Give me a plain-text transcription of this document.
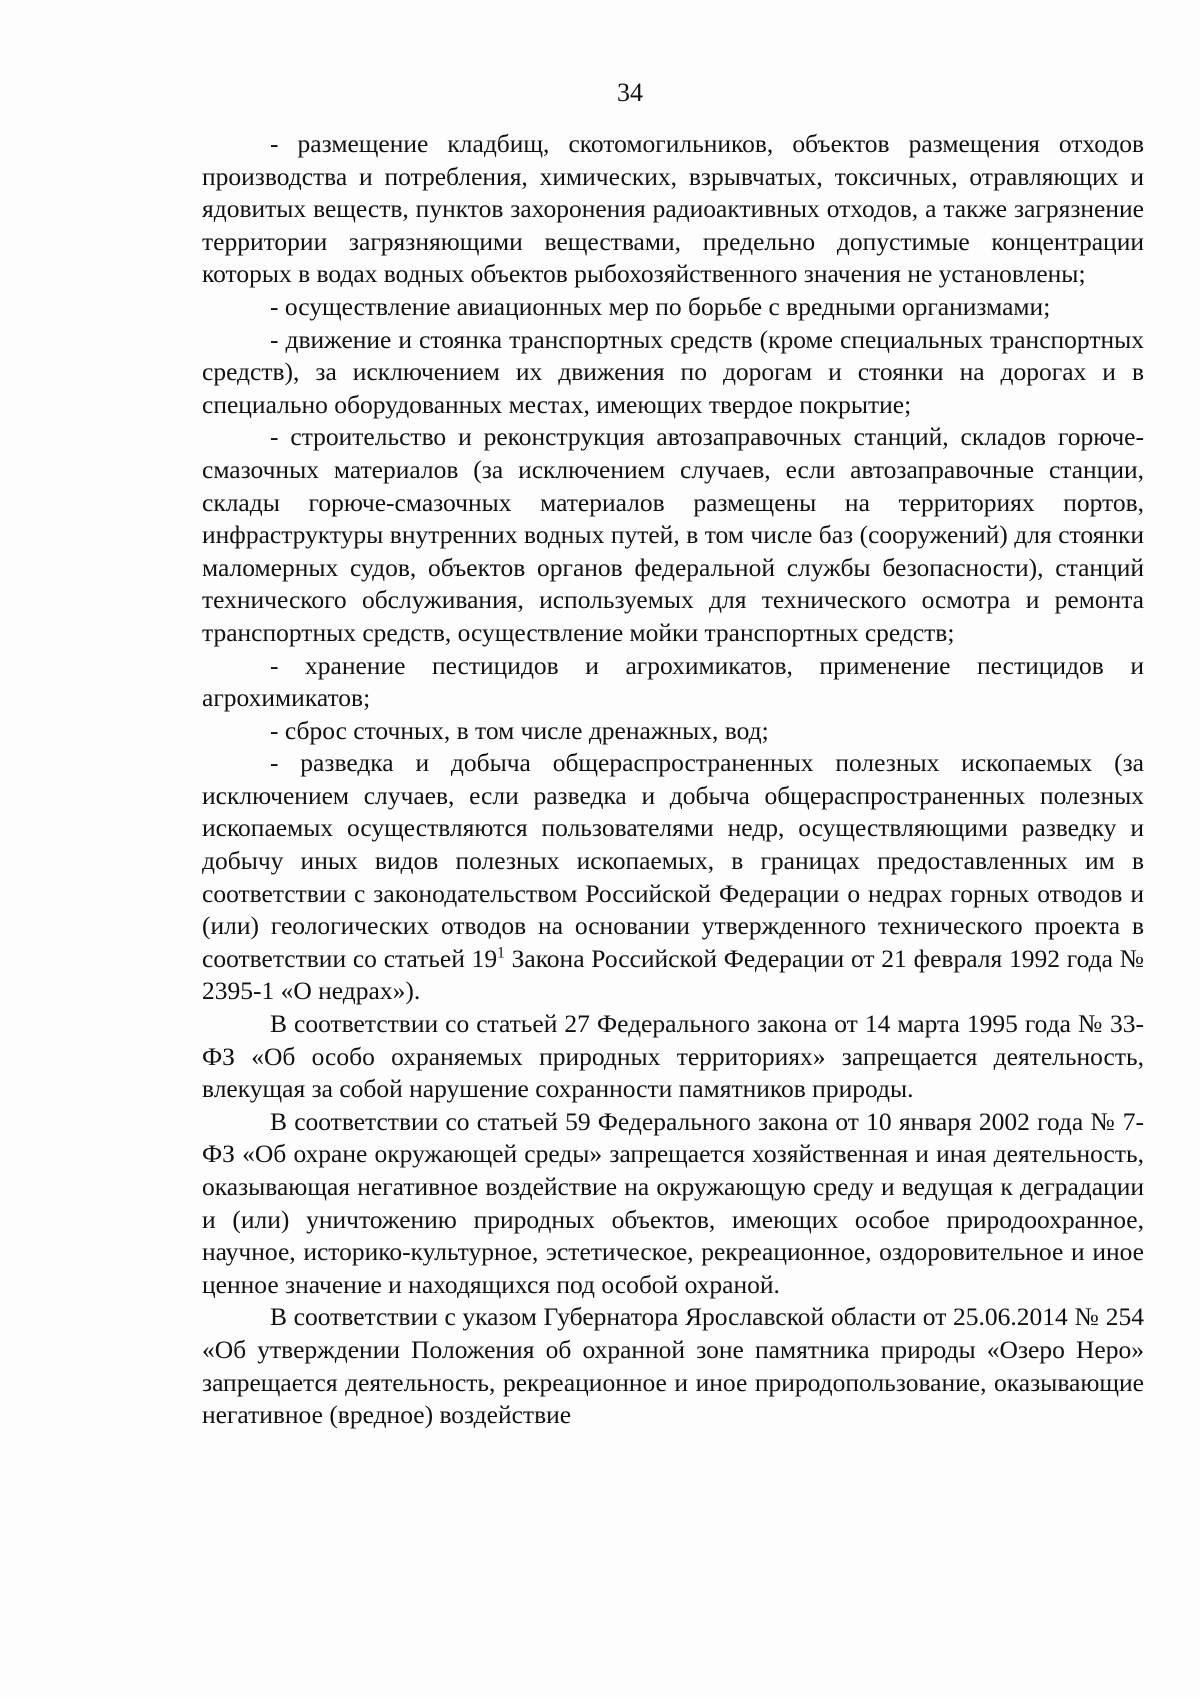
34

- размещение кладбищ, скотомогильников, объектов размещения отходов производства и потребления, химических, взрывчатых, токсичных, отравляющих и ядовитых веществ, пунктов захоронения радиоактивных отходов, а также загрязнение территории загрязняющими веществами, предельно допустимые концентрации которых в водах водных объектов рыбохозяйственного значения не установлены;

- осуществление авиационных мер по борьбе с вредными организмами;

- движение и стоянка транспортных средств (кроме специальных транспортных средств), за исключением их движения по дорогам и стоянки на дорогах и в специально оборудованных местах, имеющих твердое покрытие;

- строительство и реконструкция автозаправочных станций, складов горюче-смазочных материалов (за исключением случаев, если автозаправочные станции, склады горюче-смазочных материалов размещены на территориях портов, инфраструктуры внутренних водных путей, в том числе баз (сооружений) для стоянки маломерных судов, объектов органов федеральной службы безопасности), станций технического обслуживания, используемых для технического осмотра и ремонта транспортных средств, осуществление мойки транспортных средств;

- хранение пестицидов и агрохимикатов, применение пестицидов и агрохимикатов;

- сброс сточных, в том числе дренажных, вод;

- разведка и добыча общераспространенных полезных ископаемых (за исключением случаев, если разведка и добыча общераспространенных полезных ископаемых осуществляются пользователями недр, осуществляющими разведку и добычу иных видов полезных ископаемых, в границах предоставленных им в соответствии с законодательством Российской Федерации о недрах горных отводов и (или) геологических отводов на основании утвержденного технического проекта в соответствии со статьей $19^1$ Закона Российской Федерации от 21 февраля 1992 года № 2395-1 «О недрах»).

В соответствии со статьей 27 Федерального закона от 14 марта 1995 года № 33-ФЗ «Об особо охраняемых природных территориях» запрещается деятельность, влекущая за собой нарушение сохранности памятников природы.

В соответствии со статьей 59 Федерального закона от 10 января 2002 года № 7-ФЗ «Об охране окружающей среды» запрещается хозяйственная и иная деятельность, оказывающая негативное воздействие на окружающую среду и ведущая к деградации и (или) уничтожению природных объектов, имеющих особое природоохранное, научное, историко-культурное, эстетическое, рекреационное, оздоровительное и иное ценное значение и находящихся под особой охраной.

В соответствии с указом Губернатора Ярославской области от 25.06.2014 № 254 «Об утверждении Положения об охранной зоне памятника природы «Озеро Неро» запрещается деятельность, рекреационное и иное природопользование, оказывающие негативное (вредное) воздействие
